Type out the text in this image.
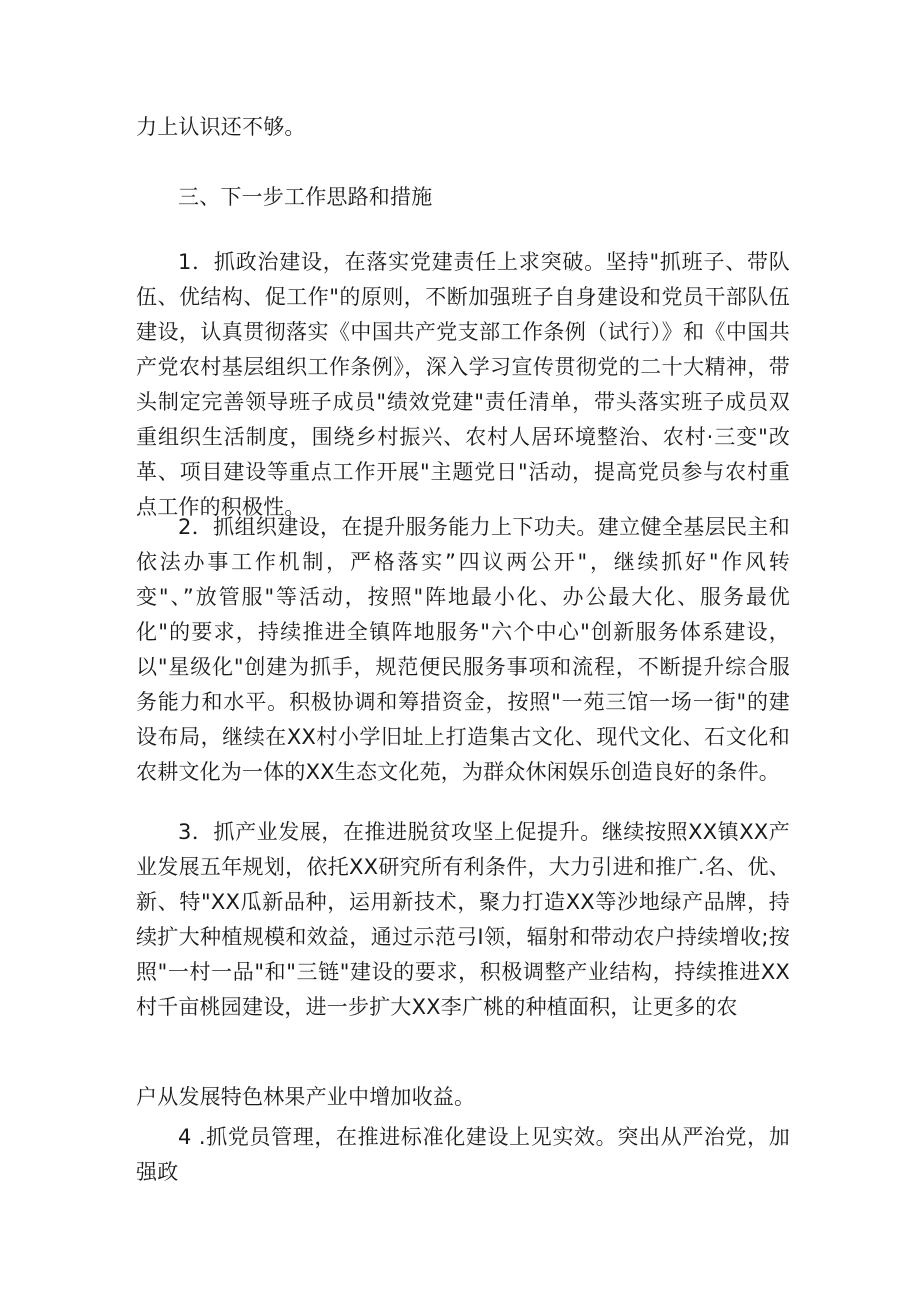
力上认识还不够。

三、下一步工作思路和措施

1．抓政治建设，在落实党建责任上求突破。坚持"抓班子、带队伍、优结构、促工作"的原则，不断加强班子自身建设和党员干部队伍建设，认真贯彻落实《中国共产党支部工作条例（试行）》和《中国共产党农村基层组织工作条例》，深入学习宣传贯彻党的二十大精神，带头制定完善领导班子成员"绩效党建"责任清单，带头落实班子成员双重组织生活制度，围绕乡村振兴、农村人居环境整治、农村·三变"改革、项目建设等重点工作开展"主题党日"活动，提高党员参与农村重点工作的积极性。

2．抓组织建设，在提升服务能力上下功夫。建立健全基层民主和依法办事工作机制，严格落实”四议两公开"，继续抓好"作风转变"、”放管服"等活动，按照"阵地最小化、办公最大化、服务最优化"的要求，持续推进全镇阵地服务"六个中心"创新服务体系建设，以"星级化"创建为抓手，规范便民服务事项和流程，不断提升综合服务能力和水平。积极协调和筹措资金，按照"一苑三馆一场一街"的建设布局，继续在XX村小学旧址上打造集古文化、现代文化、石文化和农耕文化为一体的XX生态文化苑，为群众休闲娱乐创造良好的条件。

3．抓产业发展，在推进脱贫攻坚上促提升。继续按照XX镇XX产业发展五年规划，依托XX研究所有利条件，大力引进和推广.名、优、新、特"XX瓜新品种，运用新技术，聚力打造XX等沙地绿产品牌，持续扩大种植规模和效益，通过示范弓I领，辐射和带动农户持续增收;按照"一村一品"和"三链"建设的要求，积极调整产业结构，持续推进XX村千亩桃园建设，进一步扩大XX李广桃的种植面积，让更多的农

户从发展特色林果产业中增加收益。

4 .抓党员管理，在推进标准化建设上见实效。突出从严治党，加强政
